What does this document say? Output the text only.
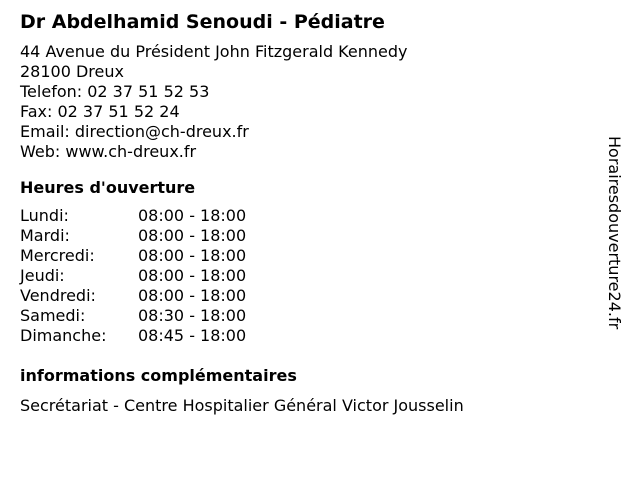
Dr Abdelhamid Senoudi - Pédiatre
44 Avenue du Président John Fitzgerald Kennedy
28100 Dreux
Telefon: 02 37 51 52 53
Fax: 02 37 51 52 24
Email: direction@ch-dreux.fr
Web: www.ch-dreux.fr
Heures d'ouverture
Lundi:	08:00 - 18:00
Mardi:	08:00 - 18:00
Mercredi:	08:00 - 18:00
Jeudi:	08:00 - 18:00
Vendredi:	08:00 - 18:00
Samedi:	08:30 - 18:00
Dimanche:	08:45 - 18:00
informations complémentaires
Secrétariat - Centre Hospitalier Général Victor Jousselin
Horairesdouverture24.fr
